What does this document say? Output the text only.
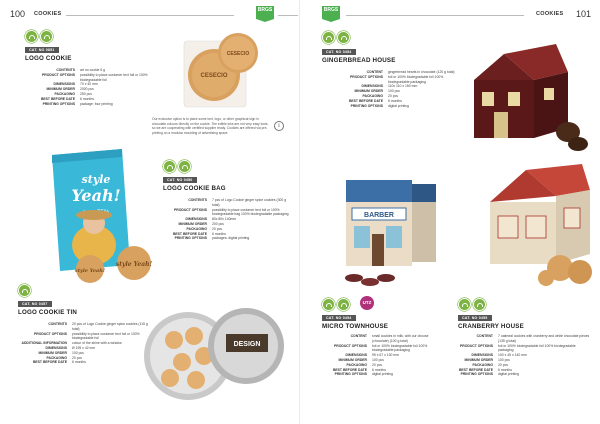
100 COOKIES
BRGS
CAT. NO 0851
LOGO COOKIE
CONTENTS	art no cookie 6 g
PRODUCT OPTIONS	possibility to place customer text full or 100% biodegradable foil
DIMENSIONS	70 x 40 mm
MINIMUM ORDER	2000 pcs
PACKAGING	250 pcs
BEST BEFORE DATE	6 months
PRINTING OPTIONS	package: four printing
CESECIO
CESECIO
Our exclusive option is to place some text, logo, or other graphical sign in chocolate colours directly on the cookie. The edible inks are not very easy tools, so we are cooperating with certified supplier ready. Cookies are offered via pre-printing on a modular moulding of advertising space.
i
style
Yeah!
style Yeah!
style Yeah!
CAT. NO 0456
LOGO COOKIE BAG
CONTENTS	7 pcs of Logo Cookie ginger spice cookies (300 g total)
PRODUCT OPTIONS	possibility to place customer text foil or 100% biodegradable bag 100% biodegradable packaging
DIMENSIONS	80x 80x 140mm
MINIMUM ORDER	200 pcs
PACKAGING	20 pcs
BEST BEFORE DATE	6 months
PRINTING OPTIONS	packages: digital printing
CAT. NO 0457
LOGO COOKIE TIN
CONTENTS	20 pcs of Logo Cookie ginger spice cookies (115 g total)
PRODUCT OPTIONS	possibility to place customer text foil or 100% biodegradable foil
ADDITIONAL INFORMATION	colour of the shine with a window
DIMENSIONS	Ø 195 x 42 mm
MINIMUM ORDER	100 pcs
PACKAGING	20 pcs
BEST BEFORE DATE	6 months
DESIGN
BRGS
COOKIES 101
CAT. NO 0454
GINGERBREAD HOUSE
CONTENT	gingerbread hearts in chocolate (120 g total)
PRODUCT OPTIONS	foil or 100% biodegradable foil 100% biodegradable packaging
DIMENSIONS	110x 110 x 150 mm
MINIMUM ORDER	100 pcs
PACKAGING	20 pcs
BEST BEFORE DATE	6 months
PRINTING OPTIONS	digital printing
BARBER
UTZ
CAT. NO 0454
MICRO TOWNHOUSE
CONTENT	small cookies in milk, with our choose (chocolate) (100 g total)
PRODUCT OPTIONS	foil or 100% biodegradable foil 100% biodegradable packaging
DIMENSIONS	95 x 67 x 130 mm
MINIMUM ORDER	100 pcs
PACKAGING	20 pcs
BEST BEFORE DATE	6 months
PRINTING OPTIONS	digital printing
CAT. NO 0455
CRANBERRY HOUSE
CONTENT	7 oatmeal cookies with cranberry and white chocolate pieces (135 g total)
PRODUCT OPTIONS	foil or 100% biodegradable foil 100% biodegradable packaging
DIMENSIONS	100 x 45 x 140 mm
MINIMUM ORDER	100 pcs
PACKAGING	20 pcs
BEST BEFORE DATE	6 months
PRINTING OPTIONS	digital printing
